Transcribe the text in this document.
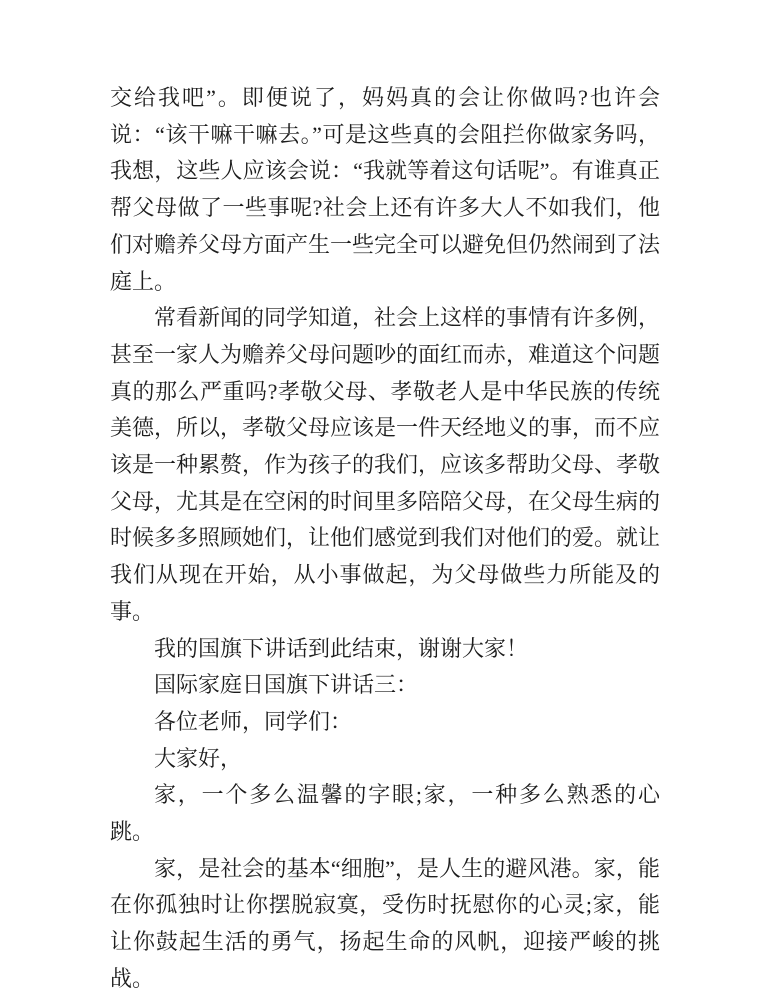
交给我吧”。即便说了，妈妈真的会让你做吗?也许会说：“该干嘛干嘛去。”可是这些真的会阻拦你做家务吗，我想，这些人应该会说：“我就等着这句话呢”。有谁真正帮父母做了一些事呢?社会上还有许多大人不如我们，他们对赡养父母方面产生一些完全可以避免但仍然闹到了法庭上。

常看新闻的同学知道，社会上这样的事情有许多例，甚至一家人为赡养父母问题吵的面红而赤，难道这个问题真的那么严重吗?孝敬父母、孝敬老人是中华民族的传统美德，所以，孝敬父母应该是一件天经地义的事，而不应该是一种累赘，作为孩子的我们，应该多帮助父母、孝敬父母，尤其是在空闲的时间里多陪陪父母，在父母生病的时候多多照顾她们，让他们感觉到我们对他们的爱。就让我们从现在开始，从小事做起，为父母做些力所能及的事。

我的国旗下讲话到此结束，谢谢大家！

国际家庭日国旗下讲话三：

各位老师，同学们：

大家好，

家，一个多么温馨的字眼;家，一种多么熟悉的心跳。

家，是社会的基本“细胞”，是人生的避风港。家，能在你孤独时让你摆脱寂寞，受伤时抚慰你的心灵;家，能让你鼓起生活的勇气，扬起生命的风帆，迎接严峻的挑战。
